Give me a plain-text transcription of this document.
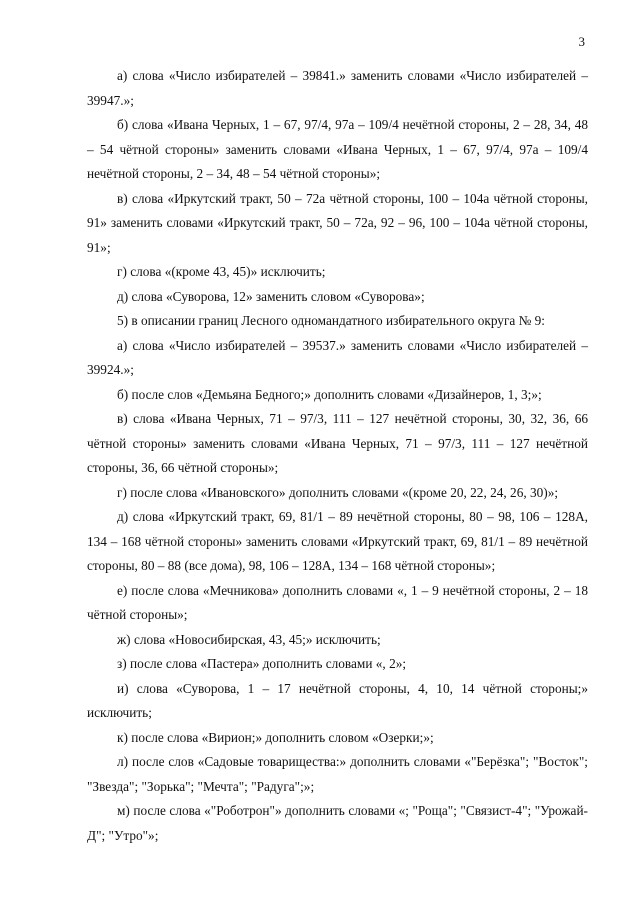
3

а) слова «Число избирателей – 39841.» заменить словами «Число избирателей – 39947.»;

б) слова «Ивана Черных, 1 – 67, 97/4, 97а – 109/4 нечётной стороны, 2 – 28, 34, 48 – 54 чётной стороны» заменить словами «Ивана Черных, 1 – 67, 97/4, 97а – 109/4 нечётной стороны, 2 – 34, 48 – 54 чётной стороны»;

в) слова «Иркутский тракт, 50 – 72а чётной стороны, 100 – 104а чётной стороны, 91» заменить словами «Иркутский тракт, 50 – 72а, 92 – 96, 100 – 104а чётной стороны, 91»;

г) слова «(кроме 43, 45)» исключить;

д) слова «Суворова, 12» заменить словом «Суворова»;

5) в описании границ Лесного одномандатного избирательного округа № 9:

а) слова «Число избирателей – 39537.» заменить словами «Число избирателей – 39924.»;

б) после слов «Демьяна Бедного;» дополнить словами «Дизайнеров, 1, 3;»;

в) слова «Ивана Черных, 71 – 97/3, 111 – 127 нечётной стороны, 30, 32, 36, 66 чётной стороны» заменить словами «Ивана Черных, 71 – 97/3, 111 – 127 нечётной стороны, 36, 66 чётной стороны»;

г) после слова «Ивановского» дополнить словами «(кроме 20, 22, 24, 26, 30)»;

д) слова «Иркутский тракт, 69, 81/1 – 89 нечётной стороны, 80 – 98, 106 – 128А, 134 – 168 чётной стороны» заменить словами «Иркутский тракт, 69, 81/1 – 89 нечётной стороны, 80 – 88 (все дома), 98, 106 – 128А, 134 – 168 чётной стороны»;

е) после слова «Мечникова» дополнить словами «, 1 – 9 нечётной стороны, 2 – 18 чётной стороны»;

ж) слова «Новосибирская, 43, 45;» исключить;

з) после слова «Пастера» дополнить словами «, 2»;

и) слова «Суворова, 1 – 17 нечётной стороны, 4, 10, 14 чётной стороны;» исключить;

к) после слова «Вирион;» дополнить словом «Озерки;»;

л) после слов «Садовые товарищества:» дополнить словами «"Берёзка"; "Восток"; "Звезда"; "Зорька"; "Мечта"; "Радуга";»;

м) после слова «"Роботрон"» дополнить словами «; "Роща"; "Связист-4"; "Урожай-Д"; "Утро"»;
